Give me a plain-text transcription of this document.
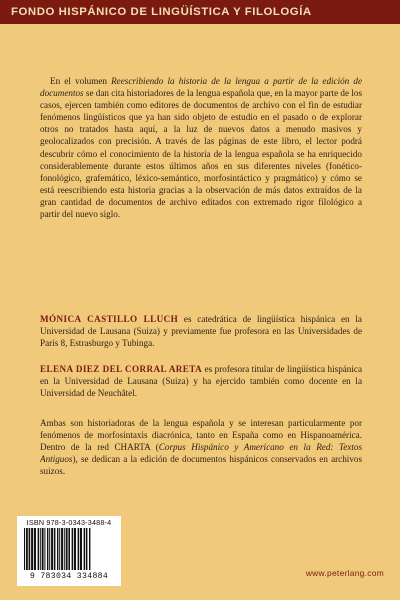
FONDO HISPÁNICO DE LINGÜÍSTICA Y FILOLOGÍA

En el volumen Reescribiendo la historia de la lengua a partir de la edición de documentos se dan cita historiadores de la lengua española que, en la mayor parte de los casos, ejercen también como editores de documentos de archivo con el fin de estudiar fenómenos lingüísticos que ya han sido objeto de estudio en el pasado o de explorar otros no tratados hasta aquí, a la luz de nuevos datos a menudo masivos y geolocalizados con precisión. A través de las páginas de este libro, el lector podrá descubrir cómo el conocimiento de la historia de la lengua española se ha enriquecido considerablemente durante estos últimos años en sus diferentes niveles (fonético-fonológico, grafemático, léxico-semántico, morfosintáctico y pragmático) y cómo se está reescribiendo esta historia gracias a la observación de más datos extraídos de la gran cantidad de documentos de archivo editados con extremado rigor filológico a partir del nuevo siglo.

MÓNICA CASTILLO LLUCH es catedrática de lingüística hispánica en la Universidad de Lausana (Suiza) y previamente fue profesora en las Universidades de París 8, Estrasburgo y Tubinga.

ELENA DIEZ DEL CORRAL ARETA es profesora titular de lingüística hispánica en la Universidad de Lausana (Suiza) y ha ejercido también como docente en la Universidad de Neuchâtel.

Ambas son historiadoras de la lengua española y se interesan particularmente por fenómenos de morfosintaxis diacrónica, tanto en España como en Hispanoamérica. Dentro de la red CHARTA (Corpus Hispánico y Americano en la Red: Textos Antiguos), se dedican a la edición de documentos hispánicos conservados en archivos suizos.

ISBN 978-3-0343-3488-4
9 783034 334884	www.peterlang.com
